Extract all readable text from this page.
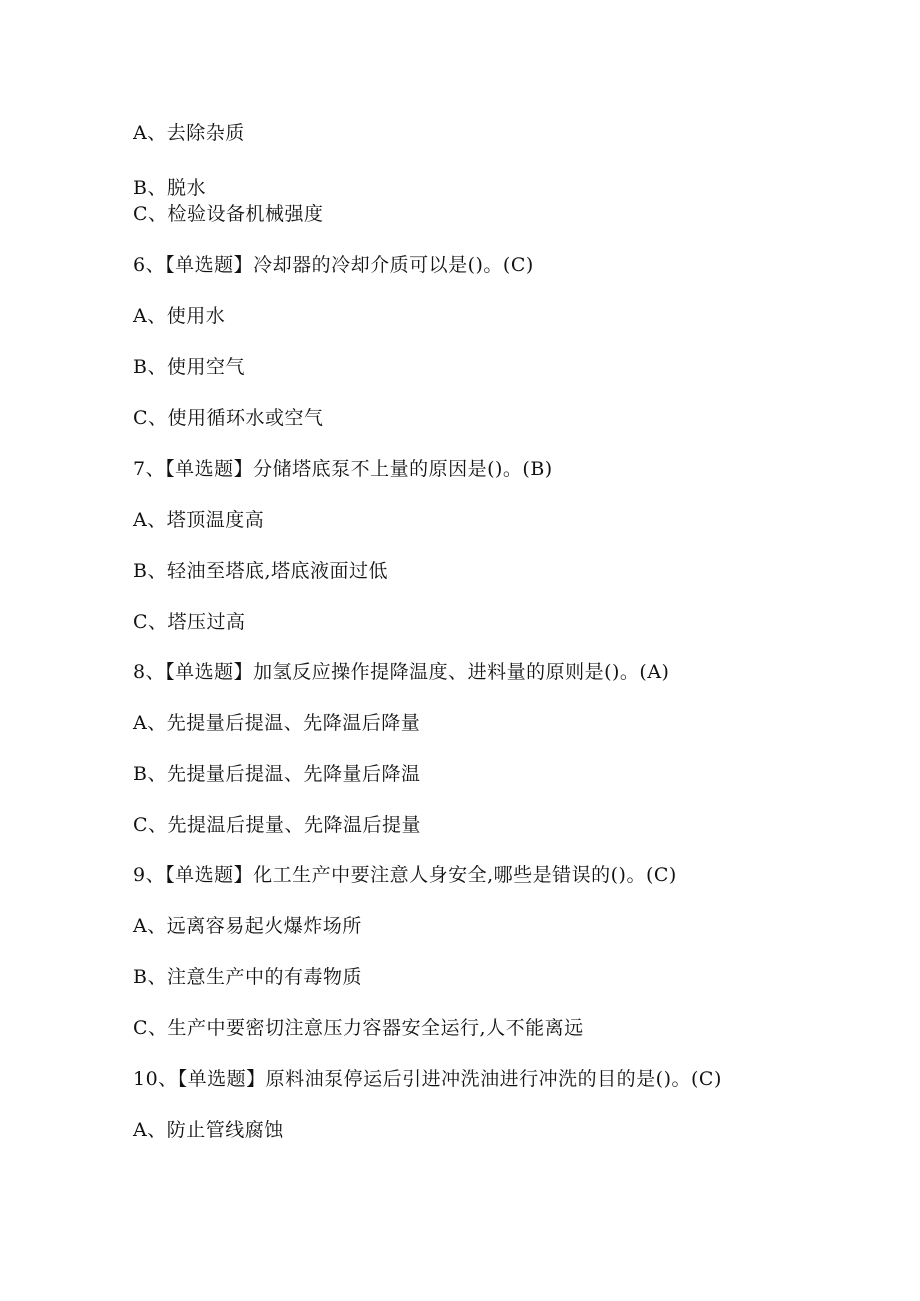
A、去除杂质
B、脱水
C、检验设备机械强度
6、【单选题】冷却器的冷却介质可以是()。(C)
A、使用水
B、使用空气
C、使用循环水或空气
7、【单选题】分储塔底泵不上量的原因是()。(B)
A、塔顶温度高
B、轻油至塔底,塔底液面过低
C、塔压过高
8、【单选题】加氢反应操作提降温度、进料量的原则是()。(A)
A、先提量后提温、先降温后降量
B、先提量后提温、先降量后降温
C、先提温后提量、先降温后提量
9、【单选题】化工生产中要注意人身安全,哪些是错误的()。(C)
A、远离容易起火爆炸场所
B、注意生产中的有毒物质
C、生产中要密切注意压力容器安全运行,人不能离远
10、【单选题】原料油泵停运后引进冲洗油进行冲洗的目的是()。(C)
A、防止管线腐蚀
